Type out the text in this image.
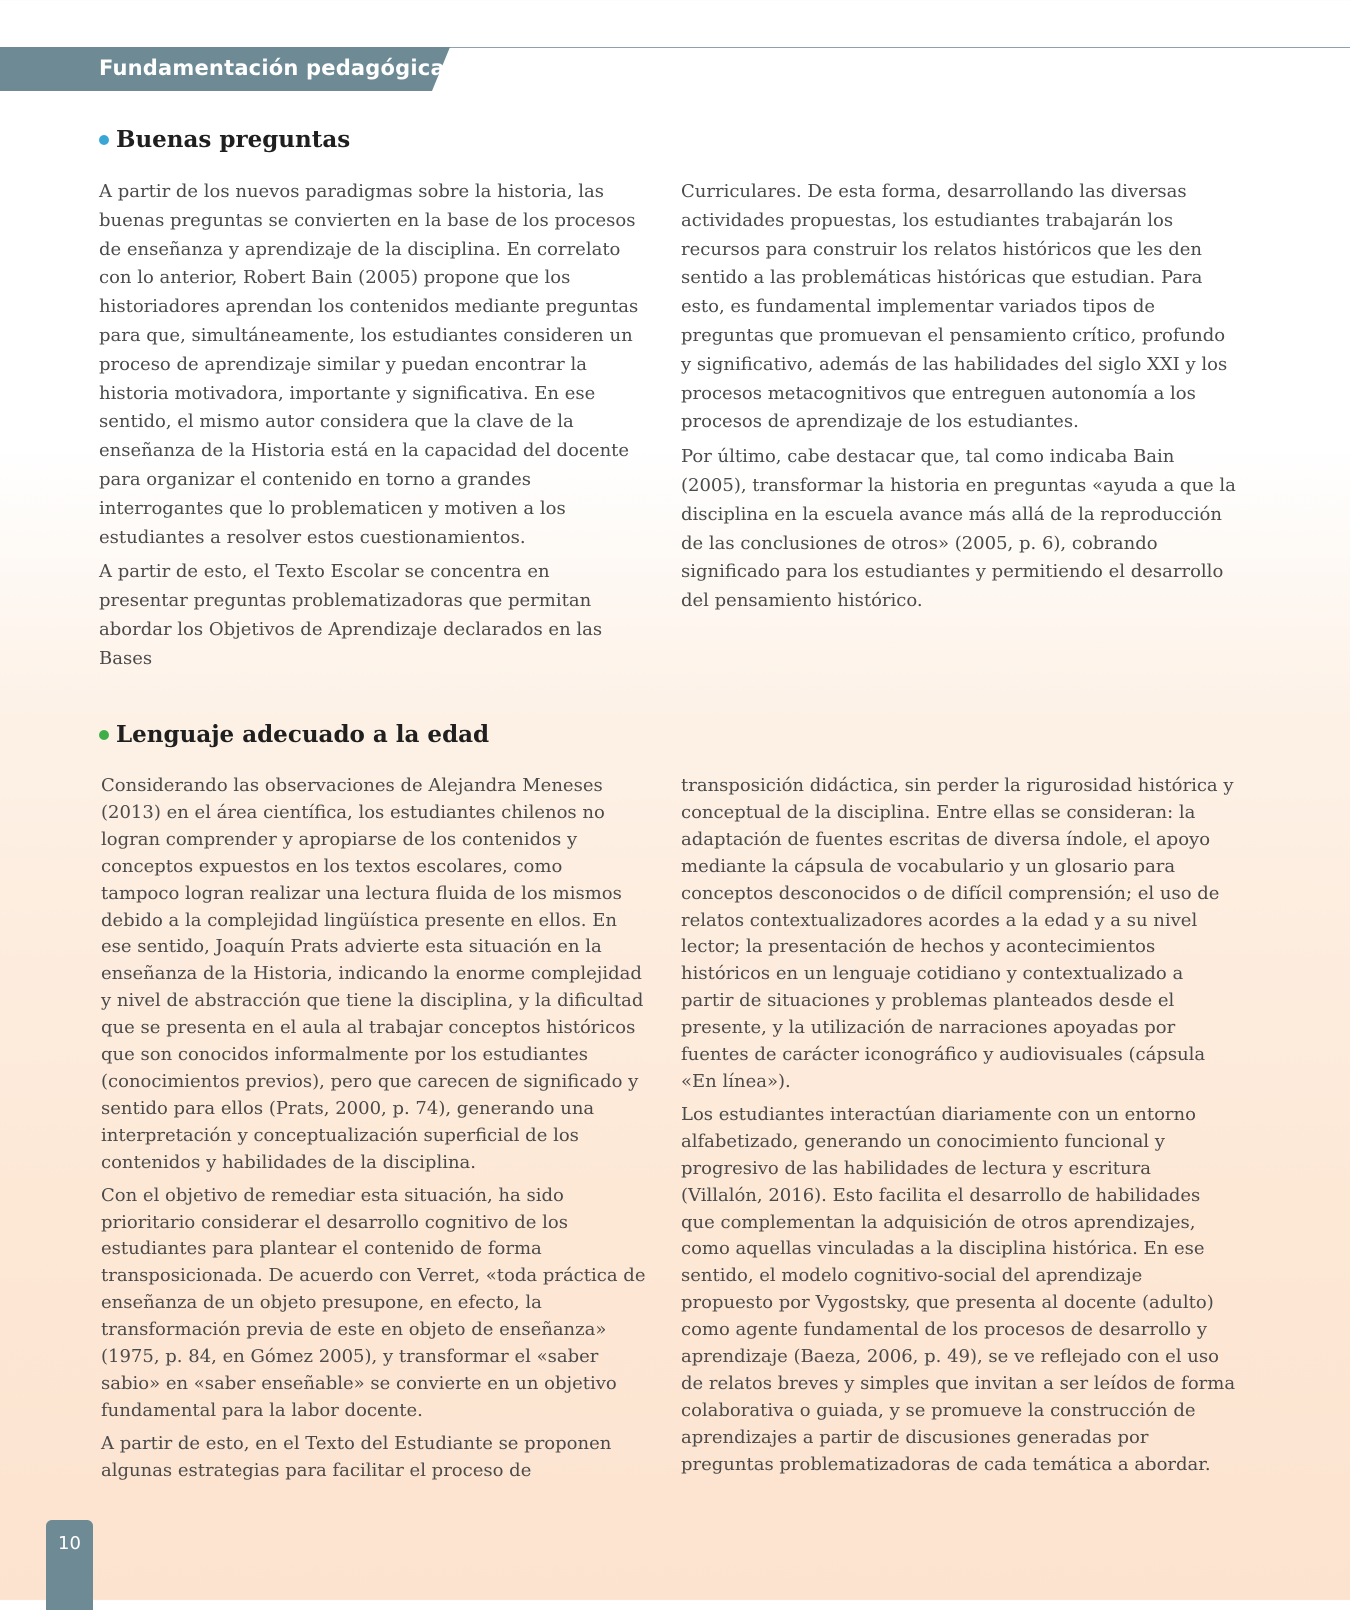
Fundamentación pedagógica
Buenas preguntas

A partir de los nuevos paradigmas sobre la historia, las buenas preguntas se convierten en la base de los procesos de enseñanza y aprendizaje de la disciplina. En correlato con lo anterior, Robert Bain (2005) propone que los historiadores aprendan los contenidos mediante preguntas para que, simultáneamente, los estudiantes consideren un proceso de aprendizaje similar y puedan encontrar la historia motivadora, importante y significativa. En ese sentido, el mismo autor considera que la clave de la enseñanza de la Historia está en la capacidad del docente para organizar el contenido en torno a grandes interrogantes que lo problematicen y motiven a los estudiantes a resolver estos cuestionamientos.

A partir de esto, el Texto Escolar se concentra en presentar preguntas problematizadoras que permitan abordar los Objetivos de Aprendizaje declarados en las Bases

Curriculares. De esta forma, desarrollando las diversas actividades propuestas, los estudiantes trabajarán los recursos para construir los relatos históricos que les den sentido a las problemáticas históricas que estudian. Para esto, es fundamental implementar variados tipos de preguntas que promuevan el pensamiento crítico, profundo y significativo, además de las habilidades del siglo XXI y los procesos metacognitivos que entreguen autonomía a los procesos de aprendizaje de los estudiantes.

Por último, cabe destacar que, tal como indicaba Bain (2005), transformar la historia en preguntas «ayuda a que la disciplina en la escuela avance más allá de la reproducción de las conclusiones de otros» (2005, p. 6), cobrando significado para los estudiantes y permitiendo el desarrollo del pensamiento histórico.

Lenguaje adecuado a la edad

Considerando las observaciones de Alejandra Meneses (2013) en el área científica, los estudiantes chilenos no logran comprender y apropiarse de los contenidos y conceptos expuestos en los textos escolares, como tampoco logran realizar una lectura fluida de los mismos debido a la complejidad lingüística presente en ellos. En ese sentido, Joaquín Prats advierte esta situación en la enseñanza de la Historia, indicando la enorme complejidad y nivel de abstracción que tiene la disciplina, y la dificultad que se presenta en el aula al trabajar conceptos históricos que son conocidos informalmente por los estudiantes (conocimientos previos), pero que carecen de significado y sentido para ellos (Prats, 2000, p. 74), generando una interpretación y conceptualización superficial de los contenidos y habilidades de la disciplina.

Con el objetivo de remediar esta situación, ha sido prioritario considerar el desarrollo cognitivo de los estudiantes para plantear el contenido de forma transposicionada. De acuerdo con Verret, «toda práctica de enseñanza de un objeto presupone, en efecto, la transformación previa de este en objeto de enseñanza» (1975, p. 84, en Gómez 2005), y transformar el «saber sabio» en «saber enseñable» se convierte en un objetivo fundamental para la labor docente.

A partir de esto, en el Texto del Estudiante se proponen algunas estrategias para facilitar el proceso de

transposición didáctica, sin perder la rigurosidad histórica y conceptual de la disciplina. Entre ellas se consideran: la adaptación de fuentes escritas de diversa índole, el apoyo mediante la cápsula de vocabulario y un glosario para conceptos desconocidos o de difícil comprensión; el uso de relatos contextualizadores acordes a la edad y a su nivel lector; la presentación de hechos y acontecimientos históricos en un lenguaje cotidiano y contextualizado a partir de situaciones y problemas planteados desde el presente, y la utilización de narraciones apoyadas por fuentes de carácter iconográfico y audiovisuales (cápsula «En línea»).

Los estudiantes interactúan diariamente con un entorno alfabetizado, generando un conocimiento funcional y progresivo de las habilidades de lectura y escritura (Villalón, 2016). Esto facilita el desarrollo de habilidades que complementan la adquisición de otros aprendizajes, como aquellas vinculadas a la disciplina histórica. En ese sentido, el modelo cognitivo-social del aprendizaje propuesto por Vygostsky, que presenta al docente (adulto) como agente fundamental de los procesos de desarrollo y aprendizaje (Baeza, 2006, p. 49), se ve reflejado con el uso de relatos breves y simples que invitan a ser leídos de forma colaborativa o guiada, y se promueve la construcción de aprendizajes a partir de discusiones generadas por preguntas problematizadoras de cada temática a abordar.

10
